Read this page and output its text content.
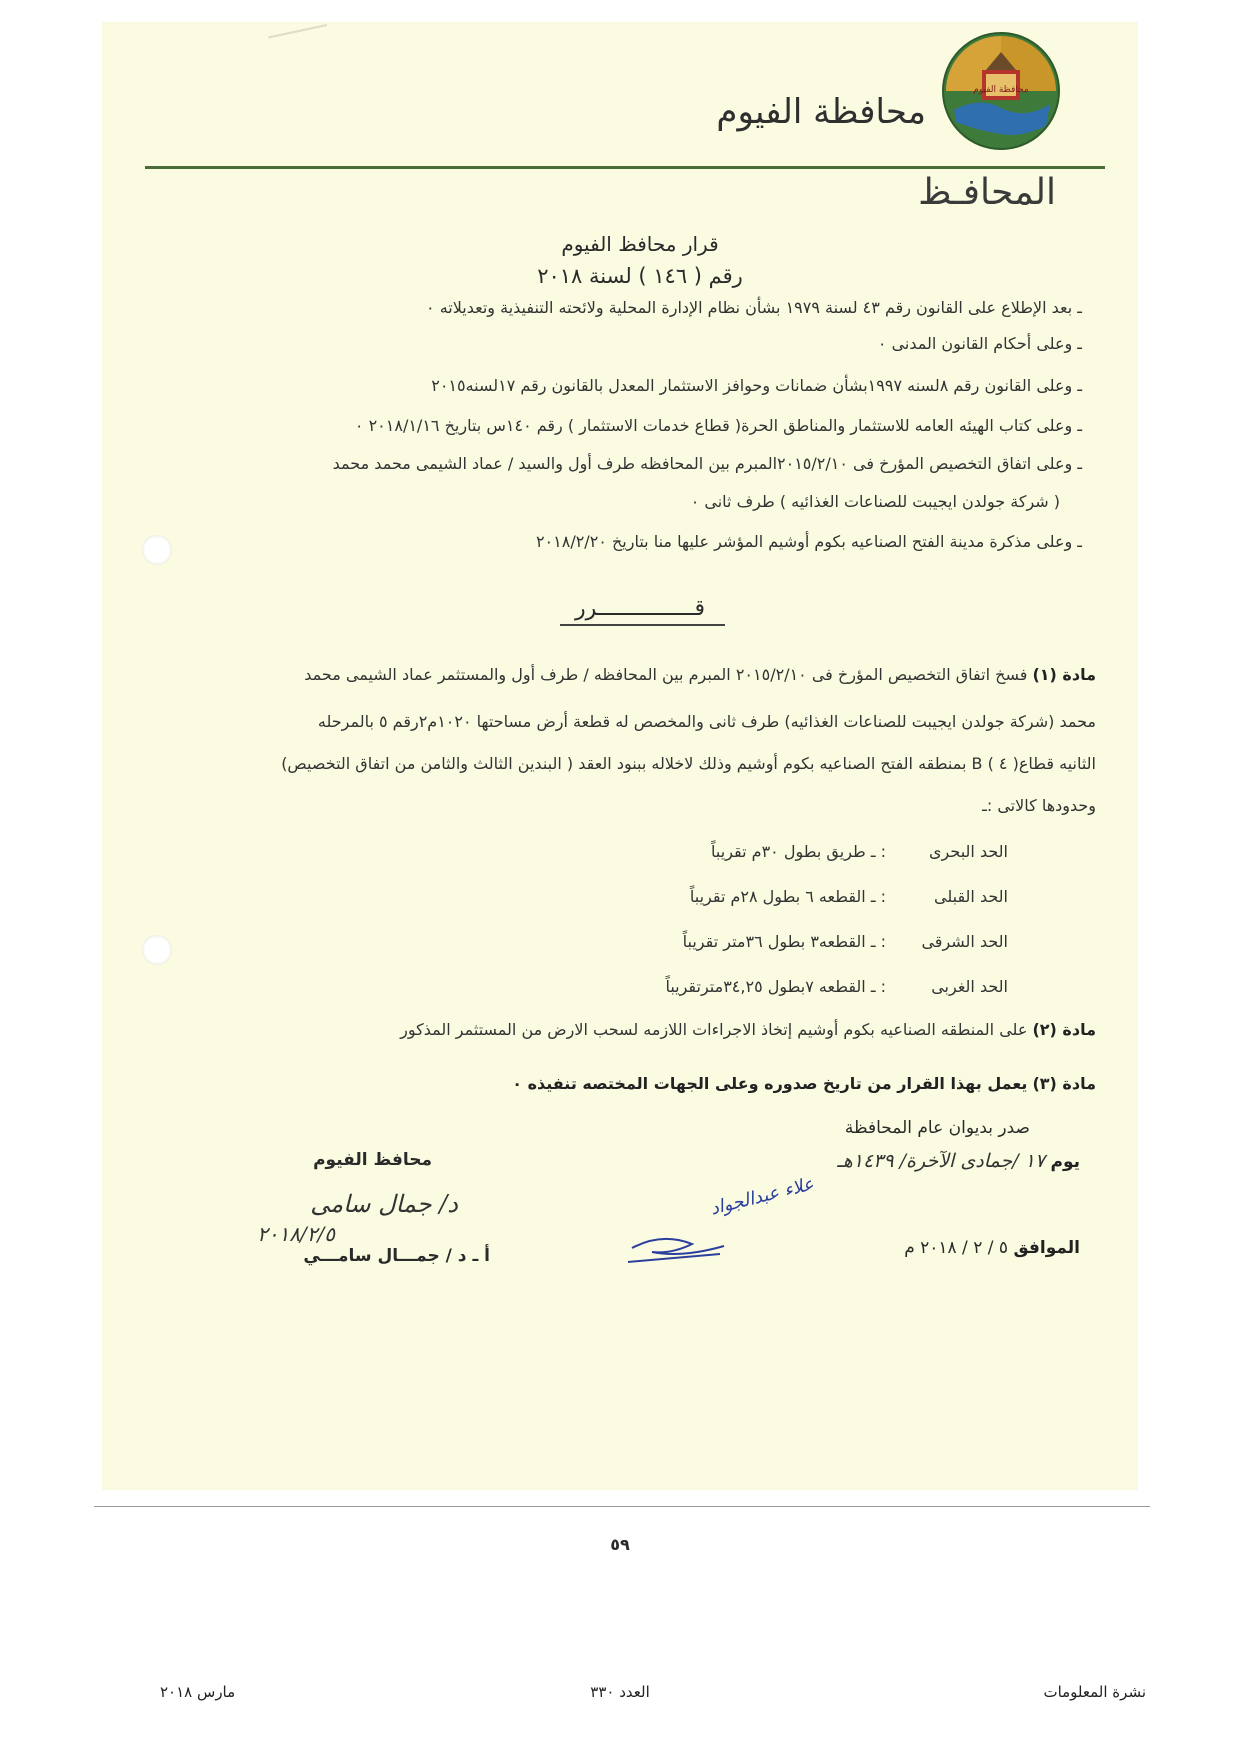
محافظة الفيوم
محافظة الفيوم
المحافـظ
قرار محافظ الفيوم
رقم ( ١٤٦ ) لسنة ٢٠١٨
ـ بعد الإطلاع على القانون رقم ٤٣ لسنة ١٩٧٩ بشأن نظام الإدارة المحلية ولائحته التنفيذية وتعديلاته ٠
ـ وعلى أحكام القانون المدنى ٠
ـ وعلى القانون رقم ٨لسنه ١٩٩٧بشأن ضمانات وحوافز الاستثمار المعدل بالقانون رقم ١٧لسنه٢٠١٥
ـ وعلى كتاب الهيئه العامه للاستثمار والمناطق الحرة( قطاع خدمات الاستثمار ) رقم ١٤٠س بتاريخ ٢٠١٨/١/١٦ ٠
ـ وعلى اتفاق التخصيص المؤرخ فى ٢٠١٥/٢/١٠المبرم بين المحافظه طرف أول والسيد / عماد الشيمى محمد محمد
( شركة جولدن ايجيبت للصناعات الغذائيه ) طرف ثانى ٠
ـ وعلى مذكرة مدينة الفتح الصناعيه بكوم أوشيم المؤشر عليها منا بتاريخ ٢٠١٨/٢/٢٠
قـــــــــــــــرر
مادة (١) فسخ اتفاق التخصيص المؤرخ فى ٢٠١٥/٢/١٠ المبرم بين المحافظه / طرف أول والمستثمر عماد الشيمى محمد
محمد (شركة جولدن ايجيبت للصناعات الغذائيه) طرف ثانى والمخصص له قطعة أرض مساحتها ١٠٢٠م٢رقم ٥ بالمرحله
الثانيه قطاع( ٤ ) B بمنطقه الفتح الصناعيه بكوم أوشيم وذلك لاخلاله ببنود العقد ( البندين الثالث والثامن من اتفاق التخصيص)
وحدودها كالاتى :ـ
الحد البحرى
: ـ طريق بطول ٣٠م تقريباً
الحد القبلى
: ـ القطعه ٦ بطول ٢٨م تقريباً
الحد الشرقى
: ـ القطعه٣ بطول ٣٦متر تقريباً
الحد الغربى
: ـ القطعه ٧بطول ٣٤,٢٥مترتقريباً
مادة (٢) على المنطقه الصناعيه بكوم أوشيم إتخاذ الاجراءات اللازمه لسحب الارض من المستثمر المذكور
مادة (٣) يعمل بهذا القرار من تاريخ صدوره وعلى الجهات المختصه تنفيذه ٠
صدر بديوان عام المحافظة
يوم ١٧ /جمادى الآخرة/ ١٤٣٩هـ
الموافق ٥ / ٢ / ٢٠١٨ م
محافظ الفيوم
د/ جمال سامى
٢٠١٨/٢/٥
أ ـ د / جمـــال سامـــي
علاء عبدالجواد
٥٩
نشرة المعلومات
العدد ٣٣٠
مارس ٢٠١٨
